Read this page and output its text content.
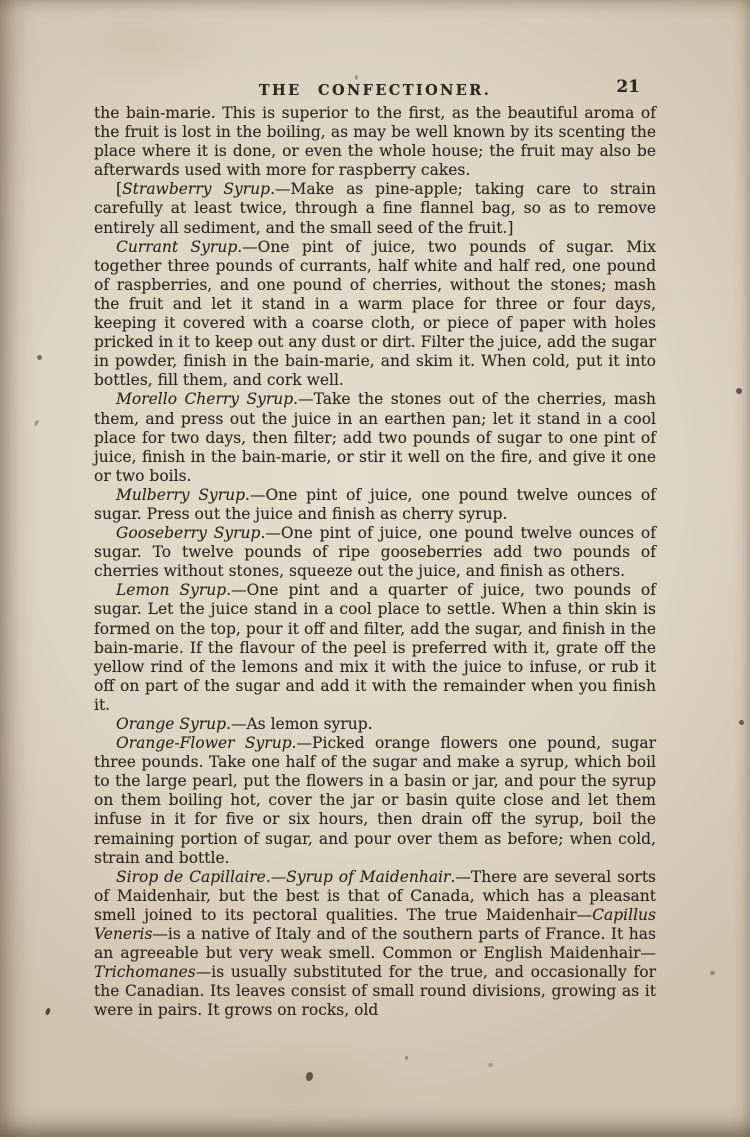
THE CONFECTIONER.	21

the bain-marie. This is superior to the first, as the beautiful aroma of the fruit is lost in the boiling, as may be well known by its scenting the place where it is done, or even the whole house; the fruit may also be afterwards used with more for raspberry cakes.

[Strawberry Syrup.—Make as pine-apple; taking care to strain carefully at least twice, through a fine flannel bag, so as to remove entirely all sediment, and the small seed of the fruit.]

Currant Syrup.—One pint of juice, two pounds of sugar. Mix together three pounds of currants, half white and half red, one pound of raspberries, and one pound of cherries, without the stones; mash the fruit and let it stand in a warm place for three or four days, keeping it covered with a coarse cloth, or piece of paper with holes pricked in it to keep out any dust or dirt. Filter the juice, add the sugar in powder, finish in the bain-marie, and skim it. When cold, put it into bottles, fill them, and cork well.

Morello Cherry Syrup.—Take the stones out of the cherries, mash them, and press out the juice in an earthen pan; let it stand in a cool place for two days, then filter; add two pounds of sugar to one pint of juice, finish in the bain-marie, or stir it well on the fire, and give it one or two boils.

Mulberry Syrup.—One pint of juice, one pound twelve ounces of sugar. Press out the juice and finish as cherry syrup.

Gooseberry Syrup.—One pint of juice, one pound twelve ounces of sugar. To twelve pounds of ripe gooseberries add two pounds of cherries without stones, squeeze out the juice, and finish as others.

Lemon Syrup.—One pint and a quarter of juice, two pounds of sugar. Let the juice stand in a cool place to settle. When a thin skin is formed on the top, pour it off and filter, add the sugar, and finish in the bain-marie. If the flavour of the peel is preferred with it, grate off the yellow rind of the lemons and mix it with the juice to infuse, or rub it off on part of the sugar and add it with the remainder when you finish it.

Orange Syrup.—As lemon syrup.

Orange-Flower Syrup.—Picked orange flowers one pound, sugar three pounds. Take one half of the sugar and make a syrup, which boil to the large pearl, put the flowers in a basin or jar, and pour the syrup on them boiling hot, cover the jar or basin quite close and let them infuse in it for five or six hours, then drain off the syrup, boil the remaining portion of sugar, and pour over them as before; when cold, strain and bottle.

Sirop de Capillaire.—Syrup of Maidenhair.—There are several sorts of Maidenhair, but the best is that of Canada, which has a pleasant smell joined to its pectoral qualities. The true Maidenhair—Capillus Veneris—is a native of Italy and of the southern parts of France. It has an agreeable but very weak smell. Common or English Maidenhair—Trichomanes—is usually substituted for the true, and occasionally for the Canadian. Its leaves consist of small round divisions, growing as it were in pairs. It grows on rocks, old
